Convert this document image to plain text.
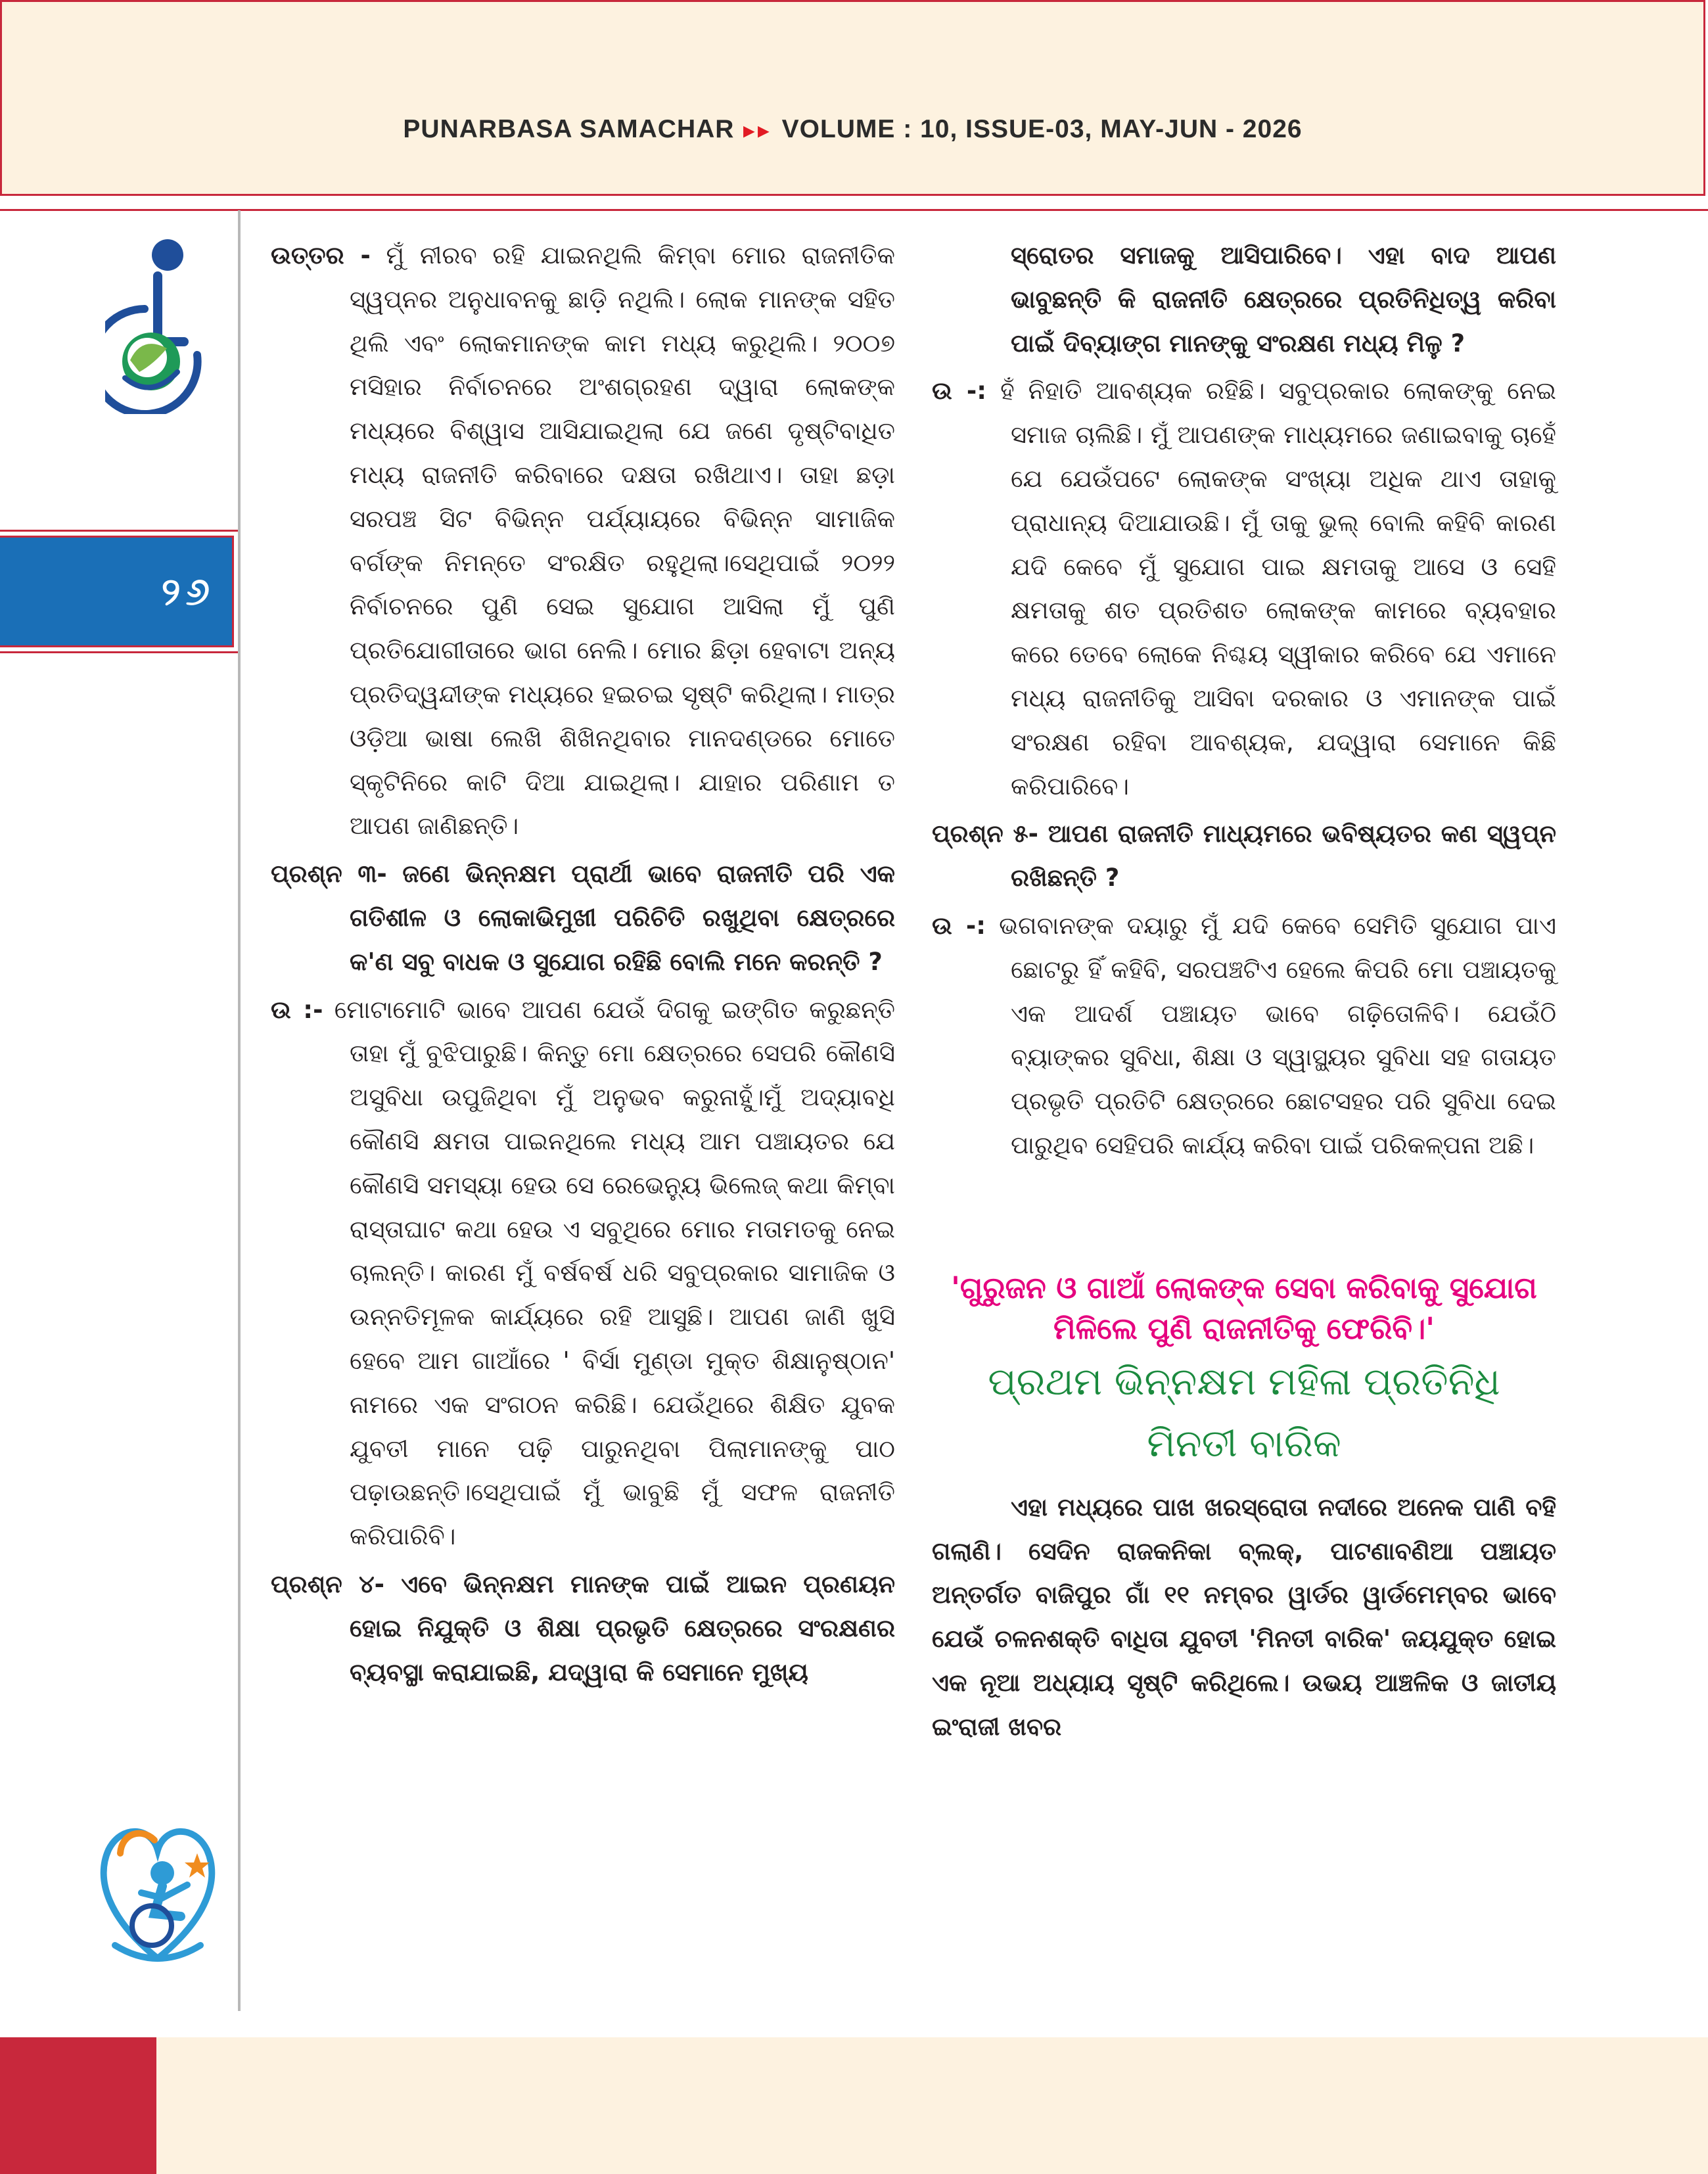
PUNARBASA SAMACHAR ▸▸ VOLUME : 10, ISSUE-03, MAY-JUN - 2026
୨୬

ଉତ୍ତର - ମୁଁ ନୀରବ ରହି ଯାଇନଥିଲି କିମ୍ବା ମୋର ରାଜନୀତିକ ସ୍ୱପ୍ନର ଅନୁଧାବନକୁ ଛାଡ଼ି ନଥିଲି। ଲୋକ ମାନଙ୍କ ସହିତ ଥିଲି ଏବଂ ଲୋକମାନଙ୍କ କାମ ମଧ୍ୟ କରୁଥିଲି। ୨୦୦୭ ମସିହାର ନିର୍ବାଚନରେ ଅଂଶଗ୍ରହଣ ଦ୍ୱାରା ଲୋକଙ୍କ ମଧ୍ୟରେ ବିଶ୍ୱାସ ଆସିଯାଇଥିଲା ଯେ ଜଣେ ଦୃଷ୍ଟିବାଧିତ ମଧ୍ୟ ରାଜନୀତି କରିବାରେ ଦକ୍ଷତା ରଖିଥାଏ। ତାହା ଛଡ଼ା ସରପଞ୍ଚ ସିଟ ବିଭିନ୍ନ ପର୍ଯ୍ୟାୟରେ ବିଭିନ୍ନ ସାମାଜିକ ବର୍ଗଙ୍କ ନିମନ୍ତେ ସଂରକ୍ଷିତ ରହୁଥିଲା।ସେଥିପାଇଁ ୨୦୨୨ ନିର୍ବାଚନରେ ପୁଣି ସେଇ ସୁଯୋଗ ଆସିଲା ମୁଁ ପୁଣି ପ୍ରତିଯୋଗୀତାରେ ଭାଗ ନେଲି। ମୋର ଛିଡ଼ା ହେବାଟା ଅନ୍ୟ ପ୍ରତିଦ୍ୱନ୍ଦୀଙ୍କ ମଧ୍ୟରେ ହଇଚଇ ସୃଷ୍ଟି କରିଥିଲା। ମାତ୍ର ଓଡ଼ିଆ ଭାଷା ଲେଖି ଶିଖିନଥିବାର ମାନଦଣ୍ଡରେ ମୋତେ ସ୍କୃଟିନିରେ କାଟି ଦିଆ ଯାଇଥିଲା। ଯାହାର ପରିଣାମ ତ ଆପଣ ଜାଣିଛନ୍ତି।

ପ୍ରଶ୍ନ ୩- ଜଣେ ଭିନ୍ନକ୍ଷମ ପ୍ରାର୍ଥୀ ଭାବେ ରାଜନୀତି ପରି ଏକ ଗତିଶୀଳ ଓ ଲୋକାଭିମୁଖୀ ପରିଚିତି ରଖୁଥିବା କ୍ଷେତ୍ରରେ କ'ଣ ସବୁ ବାଧକ ଓ ସୁଯୋଗ ରହିଛି ବୋଲି ମନେ କରନ୍ତି ?

ଉ :- ମୋଟାମୋଟି ଭାବେ ଆପଣ ଯେଉଁ ଦିଗକୁ ଇଙ୍ଗିତ କରୁଛନ୍ତି ତାହା ମୁଁ ବୁଝିପାରୁଛି। କିନ୍ତୁ ମୋ କ୍ଷେତ୍ରରେ ସେପରି କୌଣସି ଅସୁବିଧା ଉପୁଜିଥିବା ମୁଁ ଅନୁଭବ କରୁନାହୁଁ।ମୁଁ ଅଦ୍ୟାବଧି କୌଣସି କ୍ଷମତା ପାଇନଥିଲେ ମଧ୍ୟ ଆମ ପଞ୍ଚାୟତର ଯେ କୌଣସି ସମସ୍ୟା ହେଉ ସେ ରେଭେନ୍ୟୁ ଭିଲେଜ୍ କଥା କିମ୍ବା ରାସ୍ତାଘାଟ କଥା ହେଉ ଏ ସବୁଥିରେ ମୋର ମତାମତକୁ ନେଇ ଚାଲନ୍ତି। କାରଣ ମୁଁ ବର୍ଷବର୍ଷ ଧରି ସବୁପ୍ରକାର ସାମାଜିକ ଓ ଉନ୍ନତିମୂଳକ କାର୍ଯ୍ୟରେ ରହି ଆସୁଛି। ଆପଣ ଜାଣି ଖୁସି ହେବେ ଆମ ଗାଆଁରେ ' ବିର୍ସା ମୁଣ୍ଡା ମୁକ୍ତ ଶିକ୍ଷାନୁଷ୍ଠାନ' ନାମରେ ଏକ ସଂଗଠନ କରିଛି। ଯେଉଁଥିରେ ଶିକ୍ଷିତ ଯୁବକ ଯୁବତୀ ମାନେ ପଢ଼ି ପାରୁନଥିବା ପିଲାମାନଙ୍କୁ ପାଠ ପଢ଼ାଉଛନ୍ତି।ସେଥିପାଇଁ ମୁଁ ଭାବୁଛି ମୁଁ ସଫଳ ରାଜନୀତି କରିପାରିବି।

ପ୍ରଶ୍ନ ୪- ଏବେ ଭିନ୍ନକ୍ଷମ ମାନଙ୍କ ପାଇଁ ଆଇନ ପ୍ରଣୟନ ହୋଇ ନିଯୁକ୍ତି ଓ ଶିକ୍ଷା ପ୍ରଭୃତି କ୍ଷେତ୍ରରେ ସଂରକ୍ଷଣର ବ୍ୟବସ୍ଥା କରାଯାଇଛି, ଯଦ୍ୱାରା କି ସେମାନେ ମୁଖ୍ୟ

ସ୍ରୋତର ସମାଜକୁ ଆସିପାରିବେ। ଏହା ବାଦ ଆପଣ ଭାବୁଛନ୍ତି କି ରାଜନୀତି କ୍ଷେତ୍ରରେ ପ୍ରତିନିଧିତ୍ୱ କରିବା ପାଇଁ ଦିବ୍ୟାଙ୍ଗ ମାନଙ୍କୁ ସଂରକ୍ଷଣ ମଧ୍ୟ ମିଳୁ ?

ଉ -: ହଁ ନିହାତି ଆବଶ୍ୟକ ରହିଛି। ସବୁପ୍ରକାର ଲୋକଙ୍କୁ ନେଇ ସମାଜ ଚାଲିଛି। ମୁଁ ଆପଣଙ୍କ ମାଧ୍ୟମରେ ଜଣାଇବାକୁ ଚାହେଁ ଯେ ଯେଉଁପଟେ ଲୋକଙ୍କ ସଂଖ୍ୟା ଅଧିକ ଥାଏ ତାହାକୁ ପ୍ରାଧାନ୍ୟ ଦିଆଯାଉଛି। ମୁଁ ତାକୁ ଭୁଲ୍ ବୋଲି କହିବି କାରଣ ଯଦି କେବେ ମୁଁ ସୁଯୋଗ ପାଇ କ୍ଷମତାକୁ ଆସେ ଓ ସେହି କ୍ଷମତାକୁ ଶତ ପ୍ରତିଶତ ଲୋକଙ୍କ କାମରେ ବ୍ୟବହାର କରେ ତେବେ ଲୋକେ ନିଶ୍ଚୟ ସ୍ୱୀକାର କରିବେ ଯେ ଏମାନେ ମଧ୍ୟ ରାଜନୀତିକୁ ଆସିବା ଦରକାର ଓ ଏମାନଙ୍କ ପାଇଁ ସଂରକ୍ଷଣ ରହିବା ଆବଶ୍ୟକ, ଯଦ୍ୱାରା ସେମାନେ କିଛି କରିପାରିବେ।

ପ୍ରଶ୍ନ ୫- ଆପଣ ରାଜନୀତି ମାଧ୍ୟମରେ ଭବିଷ୍ୟତର କଣ ସ୍ୱପ୍ନ ରଖିଛନ୍ତି ?

ଉ -: ଭଗବାନଙ୍କ ଦୟାରୁ ମୁଁ ଯଦି କେବେ ସେମିତି ସୁଯୋଗ ପାଏ ଛୋଟରୁ ହିଁ କହିବି, ସରପଞ୍ଚଟିଏ ହେଲେ କିପରି ମୋ ପଞ୍ଚାୟତକୁ ଏକ ଆଦର୍ଶ ପଞ୍ଚାୟତ ଭାବେ ଗଢ଼ିତୋଳିବି। ଯେଉଁଠି ବ୍ୟାଙ୍କର ସୁବିଧା, ଶିକ୍ଷା ଓ ସ୍ୱାସ୍ଥ୍ୟର ସୁବିଧା ସହ ଗତାୟତ ପ୍ରଭୃତି ପ୍ରତିଟି କ୍ଷେତ୍ରରେ ଛୋଟସହର ପରି ସୁବିଧା ଦେଇ ପାରୁଥିବ ସେହିପରି କାର୍ଯ୍ୟ କରିବା ପାଇଁ ପରିକଳ୍ପନା ଅଛି।

'ଗୁରୁଜନ ଓ ଗାଆଁ ଲୋକଙ୍କ ସେବା କରିବାକୁ ସୁଯୋଗ ମିଳିଲେ ପୁଣି ରାଜନୀତିକୁ ଫେରିବି।'

ପ୍ରଥମ ଭିନ୍ନକ୍ଷମ ମହିଳା ପ୍ରତିନିଧି

ମିନତୀ ବାରିକ

ଏହା ମଧ୍ୟରେ ପାଖ ଖରସ୍ରୋତା ନଦୀରେ ଅନେକ ପାଣି ବହି ଗଲାଣି। ସେଦିନ ରାଜକନିକା ବ୍ଲକ୍, ପାଟଣାବଣିଆ ପଞ୍ଚାୟତ ଅନ୍ତର୍ଗତ ବାଜିପୁର ଗାଁ ୧୧ ନମ୍ବର ୱାର୍ଡର ୱାର୍ଡମେମ୍ବର ଭାବେ ଯେଉଁ ଚଳନଶକ୍ତି ବାଧିତା ଯୁବତୀ 'ମିନତୀ ବାରିକ' ଜୟଯୁକ୍ତ ହୋଇ ଏକ ନୂଆ ଅଧ୍ୟାୟ ସୃଷ୍ଟି କରିଥିଲେ। ଉଭୟ ଆଞ୍ଚଳିକ ଓ ଜାତୀୟ ଇଂରାଜୀ ଖବର
